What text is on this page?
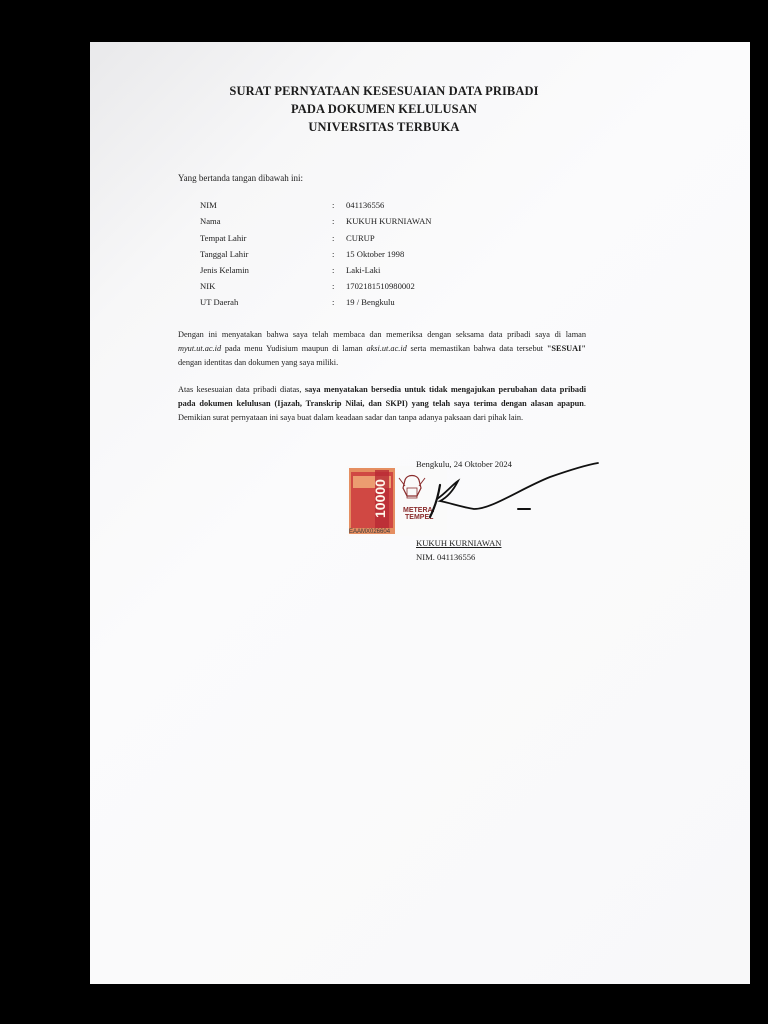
SURAT PERNYATAAN KESESUAIAN DATA PRIBADI
PADA DOKUMEN KELULUSAN
UNIVERSITAS TERBUKA
Yang bertanda tangan dibawah ini:
NIM	: 041136556
Nama	: KUKUH KURNIAWAN
Tempat Lahir	: CURUP
Tanggal Lahir	: 15 Oktober 1998
Jenis Kelamin	: Laki-Laki
NIK	: 1702181510980002
UT Daerah	: 19 / Bengkulu
Dengan ini menyatakan bahwa saya telah membaca dan memeriksa dengan seksama data pribadi saya di laman myut.ut.ac.id pada menu Yudisium maupun di laman aksi.ut.ac.id serta memastikan bahwa data tersebut "SESUAI" dengan identitas dan dokumen yang saya miliki.
Atas kesesuaian data pribadi diatas, saya menyatakan bersedia untuk tidak mengajukan perubahan data pribadi pada dokumen kelulusan (Ijazah, Transkrip Nilai, dan SKPI) yang telah saya terima dengan alasan apapun. Demikian surat pernyataan ini saya buat dalam keadaan sadar dan tanpa adanya paksaan dari pihak lain.
10000 METERAI
TEMPEL
EAAMX026604
Bengkulu, 24 Oktober 2024
KUKUH KURNIAWAN
NIM. 041136556
